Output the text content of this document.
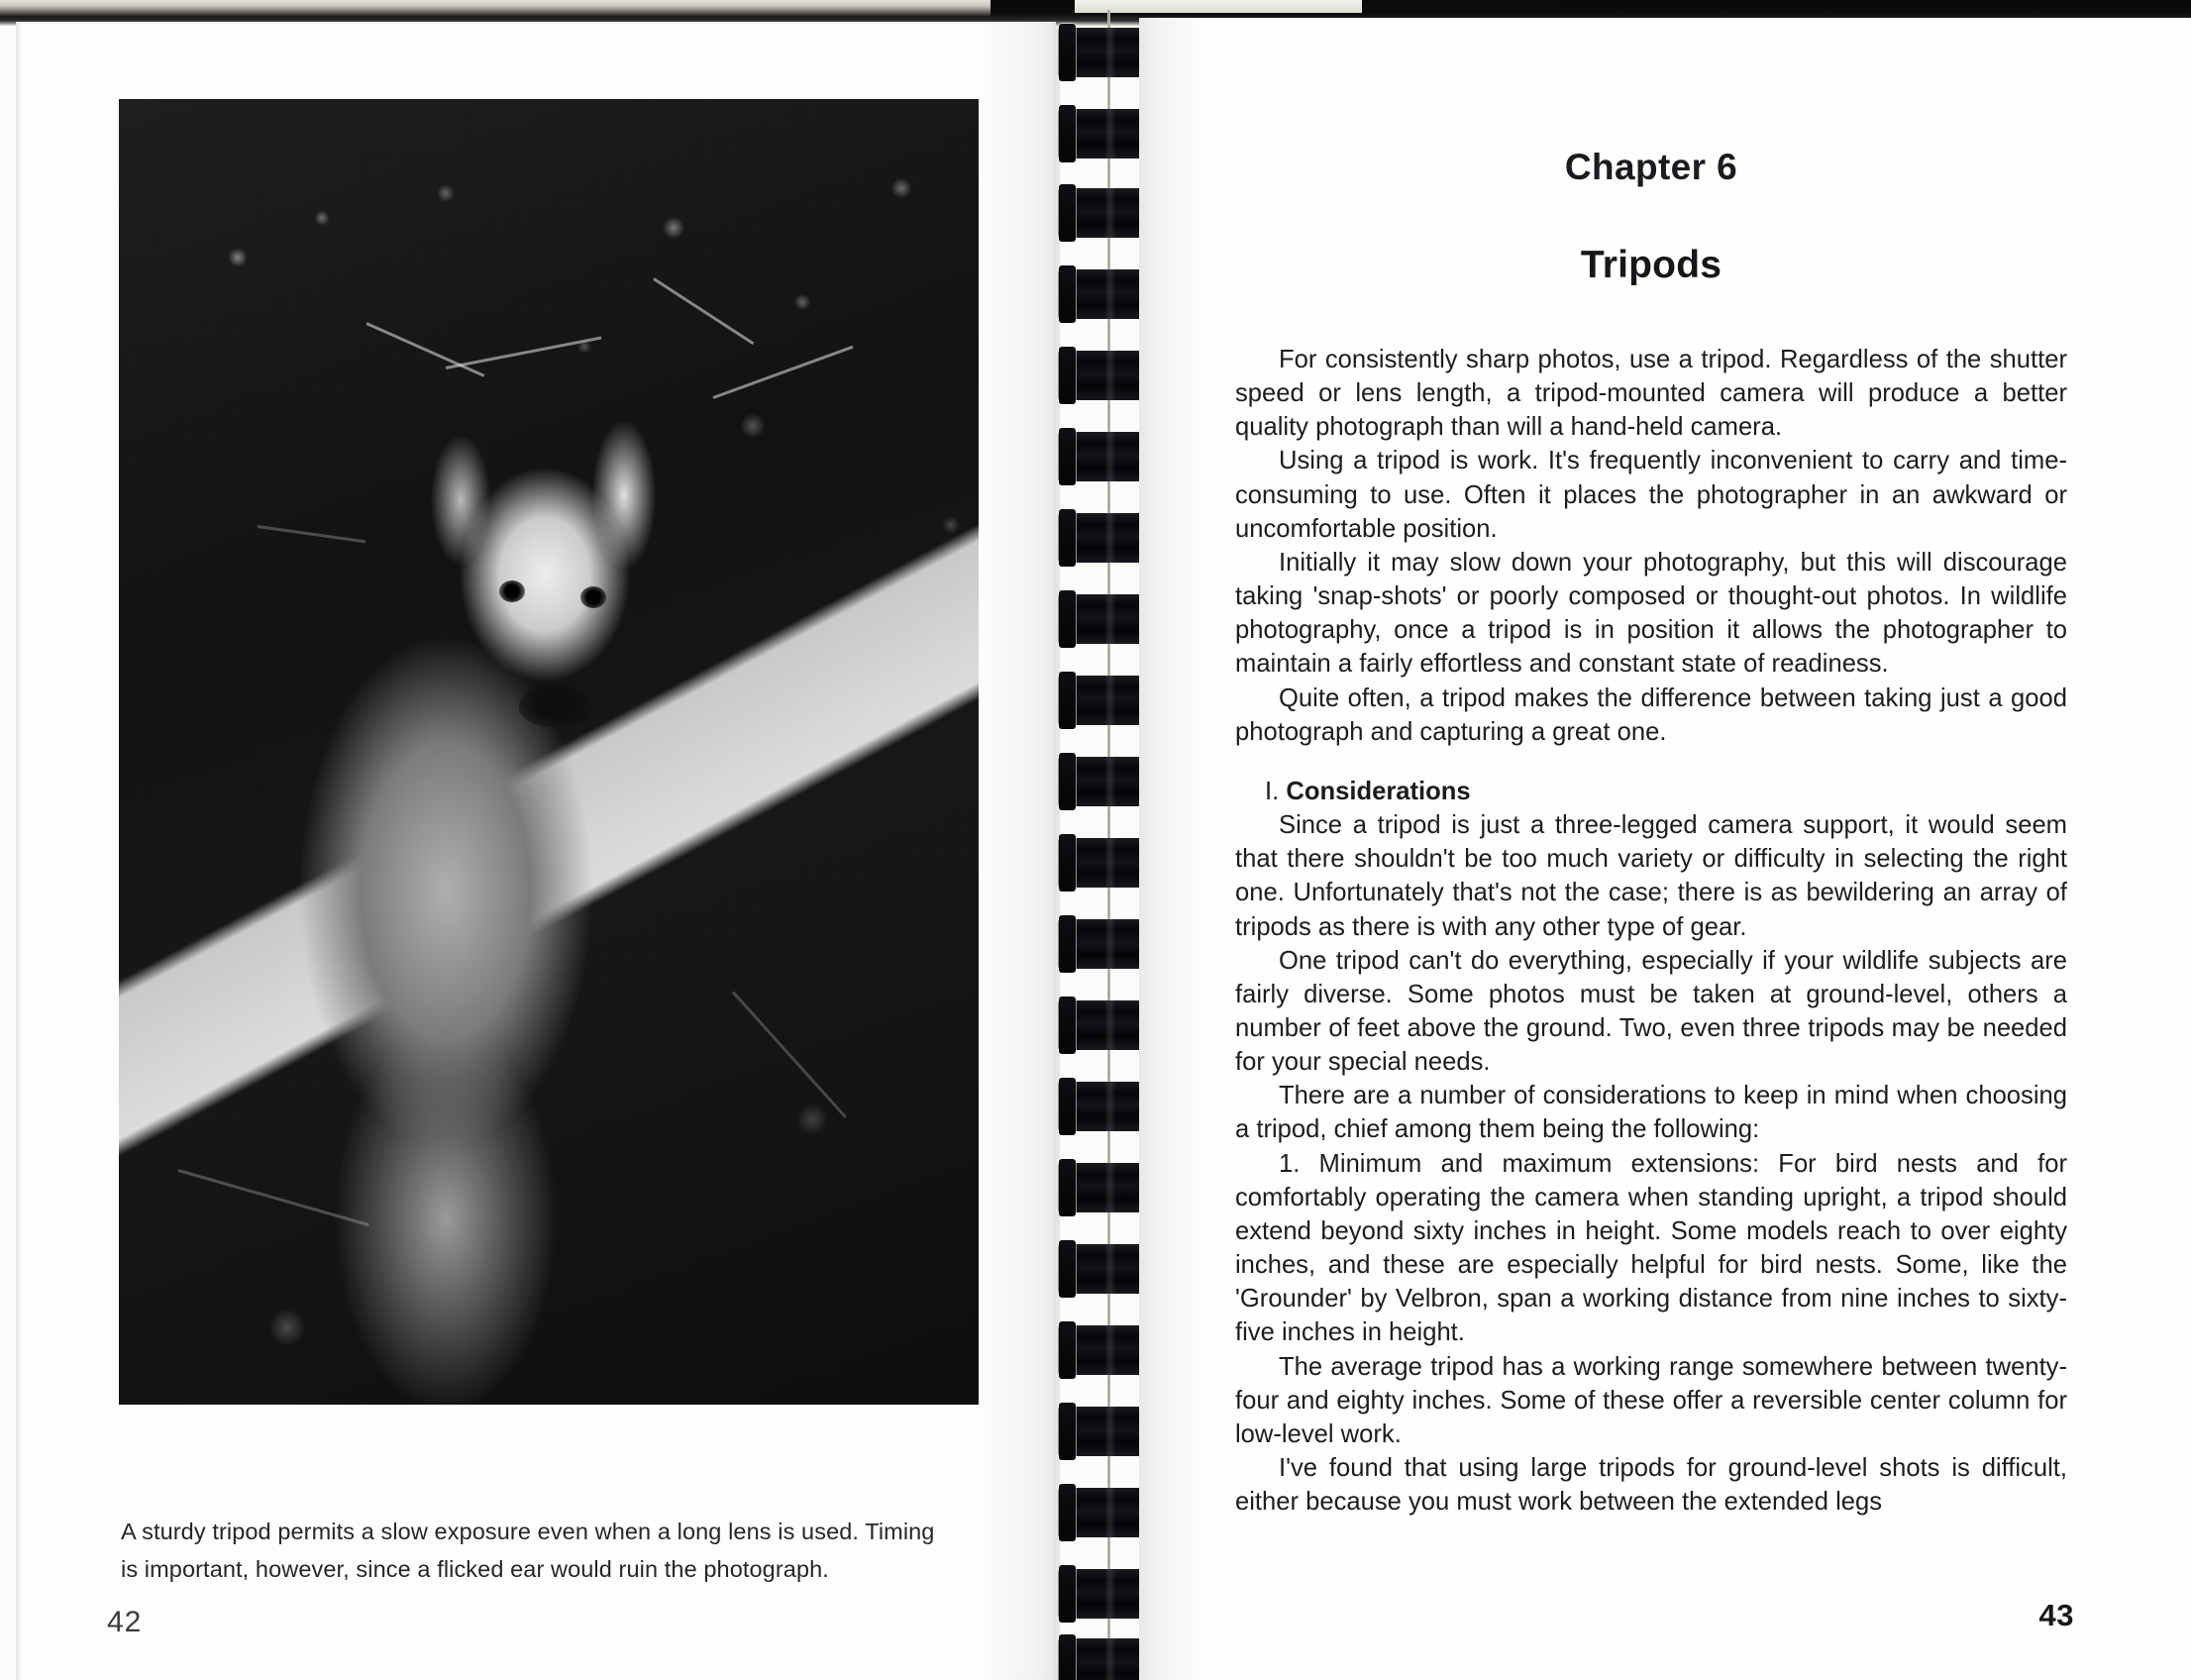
A sturdy tripod permits a slow exposure even when a long lens is used. Timing is important, however, since a flicked ear would ruin the photograph.
42
Chapter 6
Tripods

For consistently sharp photos, use a tripod. Regardless of the shutter speed or lens length, a tripod-mounted camera will produce a better quality photograph than will a hand-held camera.

Using a tripod is work. It's frequently inconvenient to carry and time-consuming to use. Often it places the photographer in an awkward or uncomfortable position.

Initially it may slow down your photography, but this will discourage taking 'snap-shots' or poorly composed or thought-out photos. In wildlife photography, once a tripod is in position it allows the photographer to maintain a fairly effortless and constant state of readiness.

Quite often, a tripod makes the difference between taking just a good photograph and capturing a great one.

I. Considerations

Since a tripod is just a three-legged camera support, it would seem that there shouldn't be too much variety or difficulty in selecting the right one. Unfortunately that's not the case; there is as bewildering an array of tripods as there is with any other type of gear.

One tripod can't do everything, especially if your wildlife subjects are fairly diverse. Some photos must be taken at ground-level, others a number of feet above the ground. Two, even three tripods may be needed for your special needs.

There are a number of considerations to keep in mind when choosing a tripod, chief among them being the following:

1. Minimum and maximum extensions: For bird nests and for comfortably operating the camera when standing upright, a tripod should extend beyond sixty inches in height. Some models reach to over eighty inches, and these are especially helpful for bird nests. Some, like the 'Grounder' by Velbron, span a working distance from nine inches to sixty-five inches in height.

The average tripod has a working range somewhere between twenty-four and eighty inches. Some of these offer a reversible center column for low-level work.

I've found that using large tripods for ground-level shots is difficult, either because you must work between the extended legs

43
